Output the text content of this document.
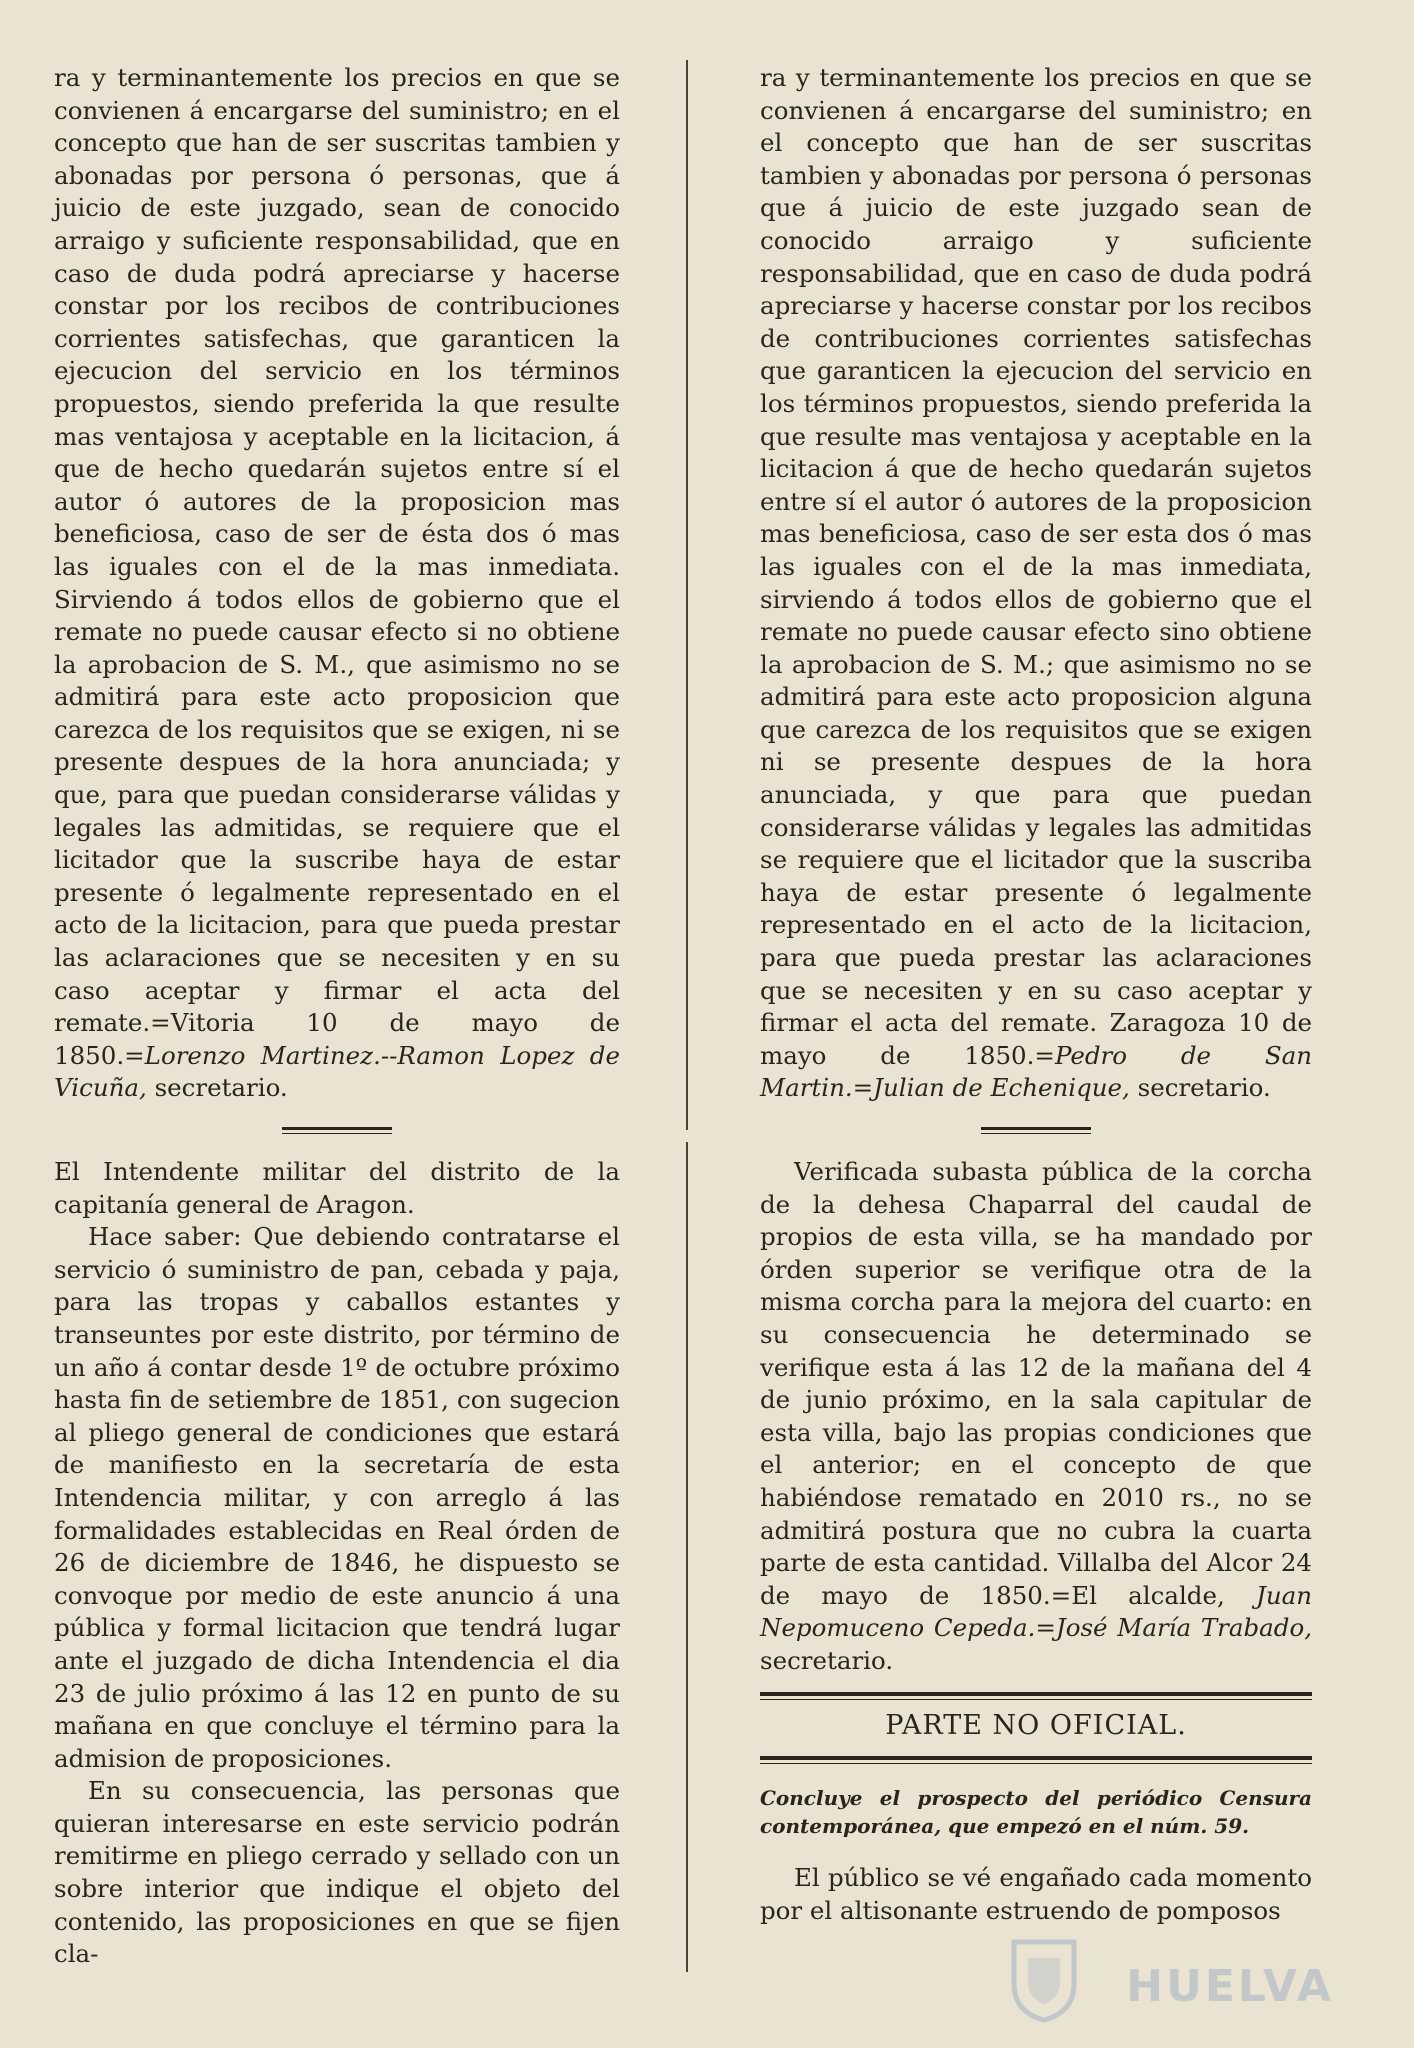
ra y terminantemente los precios en que se convienen á encargarse del suministro; en el concepto que han de ser suscritas tambien y abonadas por persona ó personas, que á juicio de este juzgado, sean de conocido arraigo y suficiente responsabilidad, que en caso de duda podrá apreciarse y hacerse constar por los recibos de contribuciones corrientes satisfechas, que garanticen la ejecucion del servicio en los términos propuestos, siendo preferida la que resulte mas ventajosa y aceptable en la licitacion, á que de hecho quedarán sujetos entre sí el autor ó autores de la proposicion mas beneficiosa, caso de ser de ésta dos ó mas las iguales con el de la mas inmediata. Sirviendo á todos ellos de gobierno que el remate no puede causar efecto si no obtiene la aprobacion de S. M., que asimismo no se admitirá para este acto proposicion que carezca de los requisitos que se exigen, ni se presente despues de la hora anunciada; y que, para que puedan considerarse válidas y legales las admitidas, se requiere que el licitador que la suscribe haya de estar presente ó legalmente representado en el acto de la licitacion, para que pueda prestar las aclaraciones que se necesiten y en su caso aceptar y firmar el acta del remate.=Vitoria 10 de mayo de 1850.=Lorenzo Martinez.--Ramon Lopez de Vicuña, secretario.

El Intendente militar del distrito de la capitanía general de Aragon.

Hace saber: Que debiendo contratarse el servicio ó suministro de pan, cebada y paja, para las tropas y caballos estantes y transeuntes por este distrito, por término de un año á contar desde 1º de octubre próximo hasta fin de setiembre de 1851, con sugecion al pliego general de condiciones que estará de manifiesto en la secretaría de esta Intendencia militar, y con arreglo á las formalidades establecidas en Real órden de 26 de diciembre de 1846, he dispuesto se convoque por medio de este anuncio á una pública y formal licitacion que tendrá lugar ante el juzgado de dicha Intendencia el dia 23 de julio próximo á las 12 en punto de su mañana en que concluye el término para la admision de proposiciones.

En su consecuencia, las personas que quieran interesarse en este servicio podrán remitirme en pliego cerrado y sellado con un sobre interior que indique el objeto del contenido, las proposiciones en que se fijen cla-

ra y terminantemente los precios en que se convienen á encargarse del suministro; en el concepto que han de ser suscritas tambien y abonadas por persona ó personas que á juicio de este juzgado sean de conocido arraigo y suficiente responsabilidad, que en caso de duda podrá apreciarse y hacerse constar por los recibos de contribuciones corrientes satisfechas que garanticen la ejecucion del servicio en los términos propuestos, siendo preferida la que resulte mas ventajosa y aceptable en la licitacion á que de hecho quedarán sujetos entre sí el autor ó autores de la proposicion mas beneficiosa, caso de ser esta dos ó mas las iguales con el de la mas inmediata, sirviendo á todos ellos de gobierno que el remate no puede causar efecto sino obtiene la aprobacion de S. M.; que asimismo no se admitirá para este acto proposicion alguna que carezca de los requisitos que se exigen ni se presente despues de la hora anunciada, y que para que puedan considerarse válidas y legales las admitidas se requiere que el licitador que la suscriba haya de estar presente ó legalmente representado en el acto de la licitacion, para que pueda prestar las aclaraciones que se necesiten y en su caso aceptar y firmar el acta del remate. Zaragoza 10 de mayo de 1850.=Pedro de San Martin.=Julian de Echenique, secretario.

Verificada subasta pública de la corcha de la dehesa Chaparral del caudal de propios de esta villa, se ha mandado por órden superior se verifique otra de la misma corcha para la mejora del cuarto: en su consecuencia he determinado se verifique esta á las 12 de la mañana del 4 de junio próximo, en la sala capitular de esta villa, bajo las propias condiciones que el anterior; en el concepto de que habiéndose rematado en 2010 rs., no se admitirá postura que no cubra la cuarta parte de esta cantidad. Villalba del Alcor 24 de mayo de 1850.=El alcalde, Juan Nepomuceno Cepeda.=José María Trabado, secretario.

PARTE NO OFICIAL.

Concluye el prospecto del periódico Censura contemporánea, que empezó en el núm. 59.

El público se vé engañado cada momento por el altisonante estruendo de pomposos

HUELVA
